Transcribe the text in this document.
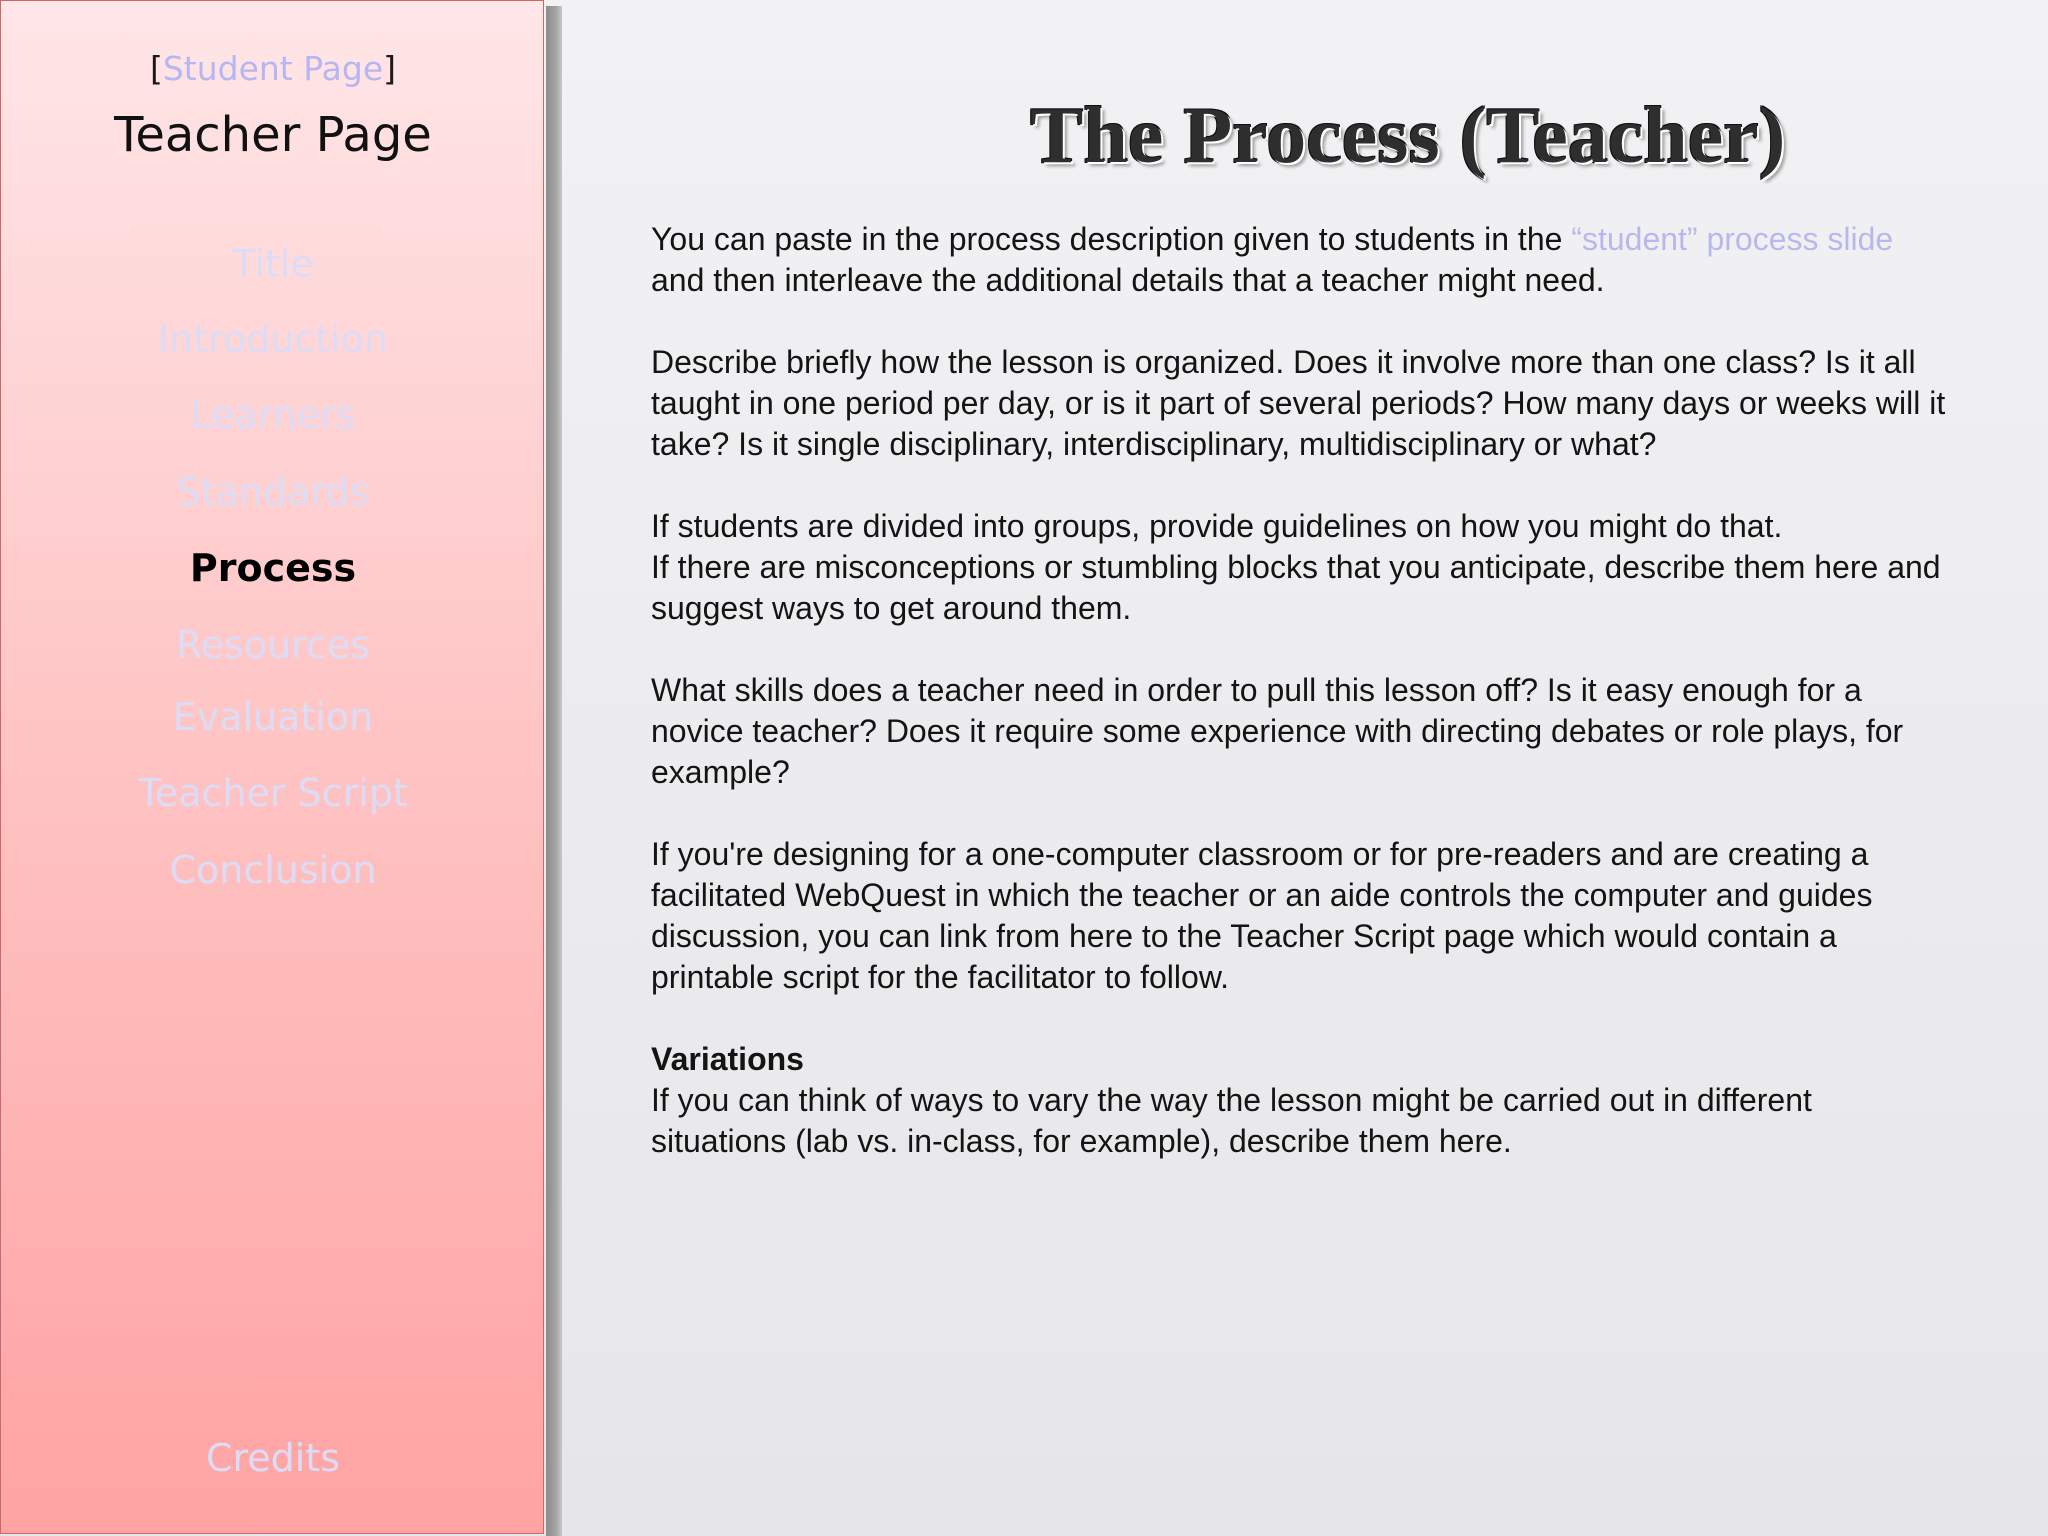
[Student Page]
Teacher Page
Title
Introduction
Learners
Standards
Process
Resources
Evaluation
Teacher Script
Conclusion
Credits
The Process (Teacher)

You can paste in the process description given to students in the “student” process slide and then interleave the additional details that a teacher might need.

Describe briefly how the lesson is organized. Does it involve more than one class? Is it all taught in one period per day, or is it part of several periods? How many days or weeks will it take? Is it single disciplinary, interdisciplinary, multidisciplinary or what?

If students are divided into groups, provide guidelines on how you might do that.
If there are misconceptions or stumbling blocks that you anticipate, describe them here and suggest ways to get around them.

What skills does a teacher need in order to pull this lesson off? Is it easy enough for a novice teacher? Does it require some experience with directing debates or role plays, for example?

If you're designing for a one-computer classroom or for pre-readers and are creating a facilitated WebQuest in which the teacher or an aide controls the computer and guides discussion, you can link from here to the Teacher Script page which would contain a printable script for the facilitator to follow.

Variations
If you can think of ways to vary the way the lesson might be carried out in different situations (lab vs. in-class, for example), describe them here.
